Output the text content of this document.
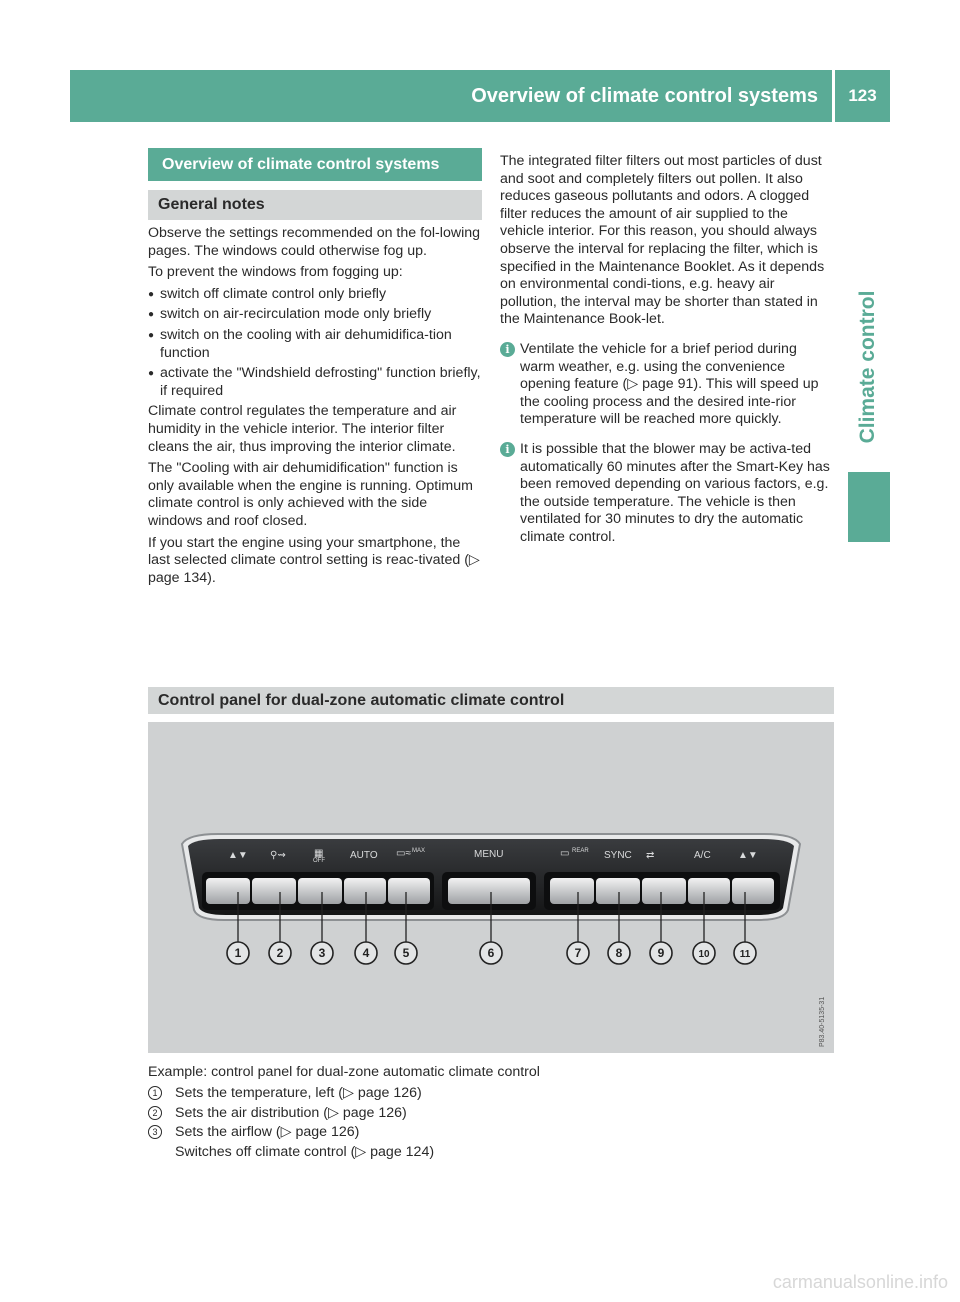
Overview of climate control systems	123
Climate control
Overview of climate control systems
General notes
Observe the settings recommended on the fol-lowing pages. The windows could otherwise fog up.
To prevent the windows from fogging up:
● switch off climate control only briefly
● switch on air-recirculation mode only briefly
● switch on the cooling with air dehumidifica-tion function
● activate the "Windshield defrosting" function briefly, if required
Climate control regulates the temperature and air humidity in the vehicle interior. The interior filter cleans the air, thus improving the interior climate.
The "Cooling with air dehumidification" function is only available when the engine is running. Optimum climate control is only achieved with the side windows and roof closed.
If you start the engine using your smartphone, the last selected climate control setting is reac-tivated (▷ page 134).
The integrated filter filters out most particles of dust and soot and completely filters out pollen. It also reduces gaseous pollutants and odors. A clogged filter reduces the amount of air supplied to the vehicle interior. For this reason, you should always observe the interval for replacing the filter, which is specified in the Maintenance Booklet. As it depends on environmental condi-tions, e.g. heavy air pollution, the interval may be shorter than stated in the Maintenance Book-let.
i Ventilate the vehicle for a brief period during warm weather, e.g. using the convenience opening feature (▷ page 91). This will speed up the cooling process and the desired inte-rior temperature will be reached more quickly.
i It is possible that the blower may be activa-ted automatically 60 minutes after the Smart-Key has been removed depending on various factors, e.g. the outside temperature. The vehicle is then ventilated for 30 minutes to dry the automatic climate control.
Control panel for dual-zone automatic climate control
▲▼ ⚲⇝	▦
OFF	AUTO ▭≈ MAX	MENU	▭ REAR SYNC ⇄	A/C	▲▼
1	2	3	4	5	6	7	8	9	10	11
P83.40-5135-31
Example: control panel for dual-zone automatic climate control
1	Sets the temperature, left (▷ page 126)
2	Sets the air distribution (▷ page 126)
3	Sets the airflow (▷ page 126)
Switches off climate control (▷ page 124)
carmanualsonline.info
